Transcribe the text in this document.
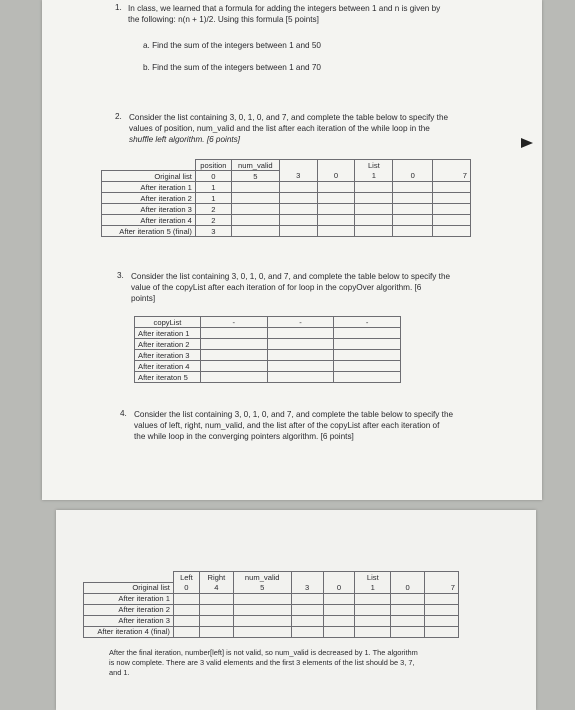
1. In class, we learned that a formula for adding the integers between 1 and n is given by
the following: n(n + 1)/2. Using this formula [5 points]
a. Find the sum of the integers between 1 and 50
b. Find the sum of the integers between 1 and 70
2. Consider the list containing 3, 0, 1, 0, and 7, and complete the table below to specify the
values of position, num_valid and the list after each iteration of the while loop in the
shuffle left algorithm. [6 points]
	position	num_valid			List		
Original list	0	5	3	0	1	0	7
After iteration 1	1						
After iteration 2	1						
After iteration 3	2						
After iteration 4	2						
After iteration 5 (final)	3						
3. Consider the list containing 3, 0, 1, 0, and 7, and complete the table below to specify the
value of the copyList after each iteration of for loop in the copyOver algorithm. [6
points]
copyList	-	-	-
After iteration 1			
After iteration 2			
After iteration 3			
After iteration 4			
After iteraton 5			
4. Consider the list containing 3, 0, 1, 0, and 7, and complete the table below to specify the
values of left, right, num_valid, and the list after of the copyList after each iteration of
the while loop in the converging pointers algorithm. [6 points]
	Left	Right	num_valid			List		
Original list	0	4	5	3	0	1	0	7
After iteration 1								
After iteration 2								
After iteration 3								
After iteration 4 (final)								
After the final iteration, number[left] is not valid, so num_valid is decreased by 1. The algorithm
is now complete. There are 3 valid elements and the first 3 elements of the list should be 3, 7,
and 1.
